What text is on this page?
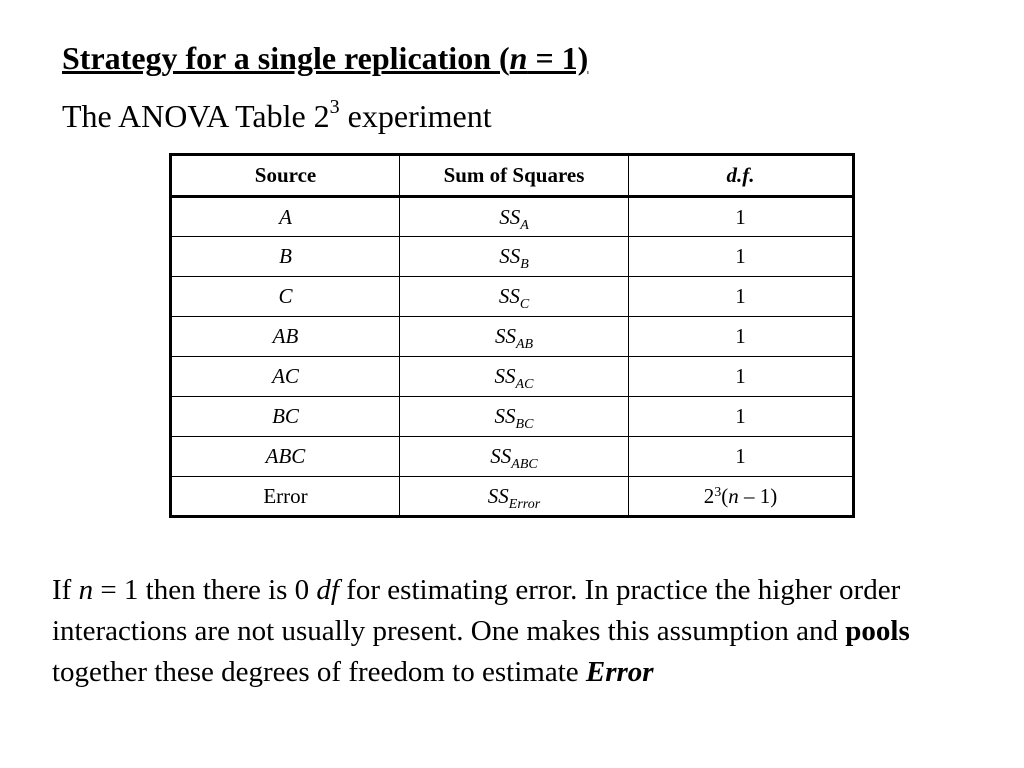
Strategy for a single replication (n = 1)
The ANOVA Table $2^3$ experiment
Source	Sum of Squares	d.f.
A	$SS_A$	1
B	$SS_B$	1
C	$SS_C$	1
AB	$SS_{AB}$	1
AC	$SS_{AC}$	1
BC	$SS_{BC}$	1
ABC	$SS_{ABC}$	1
Error	$SS_{Error}$	$2^3(n - 1)$
If n = 1 then there is 0 df for estimating error. In practice the higher order interactions are not usually present. One makes this assumption and pools together these degrees of freedom to estimate Error
